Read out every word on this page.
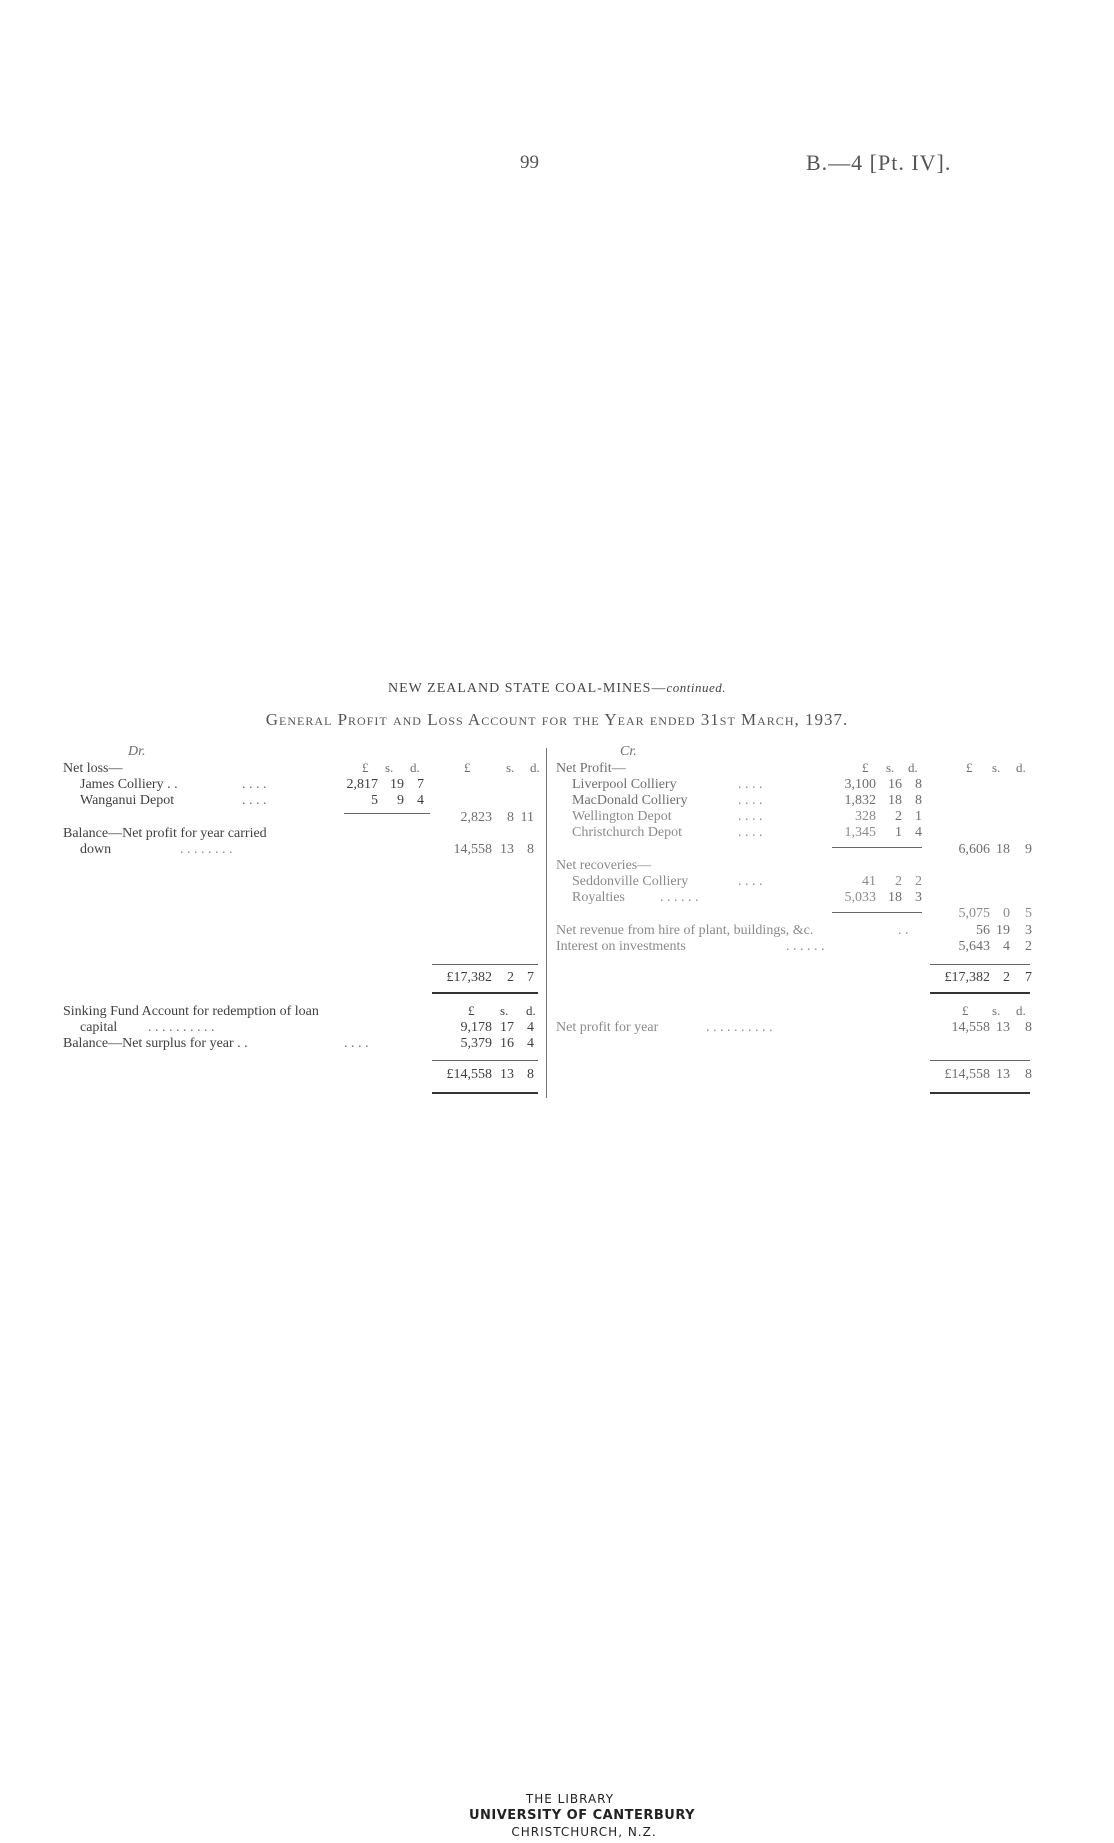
99	B.—4 [Pt. IV].
NEW ZEALAND STATE COAL-MINES—continued.
General Profit and Loss Account for the Year ended 31st March, 1937.
Dr.
£ s. d.	£	s. d.
Net loss—
James Colliery . .	. . . .	2,817 19 7
Wanganui Depot	. . . .	5	9 4
2,823	8 11
Balance—Net profit for year carried
down	. . . . . . . .	14,558 13 8
£17,382	2 7
£ s. d.
Sinking Fund Account for redemption of loan
capital . . . . . . . . . .	9,178 17 4
Balance—Net surplus for year . .	. . . .	5,379 16 4
£14,558 13 8
Cr.
£ s. d.	£ s. d.
Net Profit—
Liverpool Colliery	. . . .	3,100 16 8
MacDonald Colliery	. . . .	1,832 18 8
Wellington Depot	. . . .	328	2 1
Christchurch Depot	. . . .	1,345	1 4
6,606 18	9
Net recoveries—
Seddonville Colliery	. . . .	41	2 2
Royalties	. . . . . .	5,033 18 3
5,075 0	5
Net revenue from hire of plant, buildings, &c.	. .	56 19	3
Interest on investments	. . . . . .	5,643 4	2
£17,382 2	7
£ s. d.
Net profit for year	. . . . . . . . . .	14,558 13	8
£14,558 13	8
THE LIBRARY
UNIVERSITY OF CANTERBURY
CHRISTCHURCH, N.Z.
